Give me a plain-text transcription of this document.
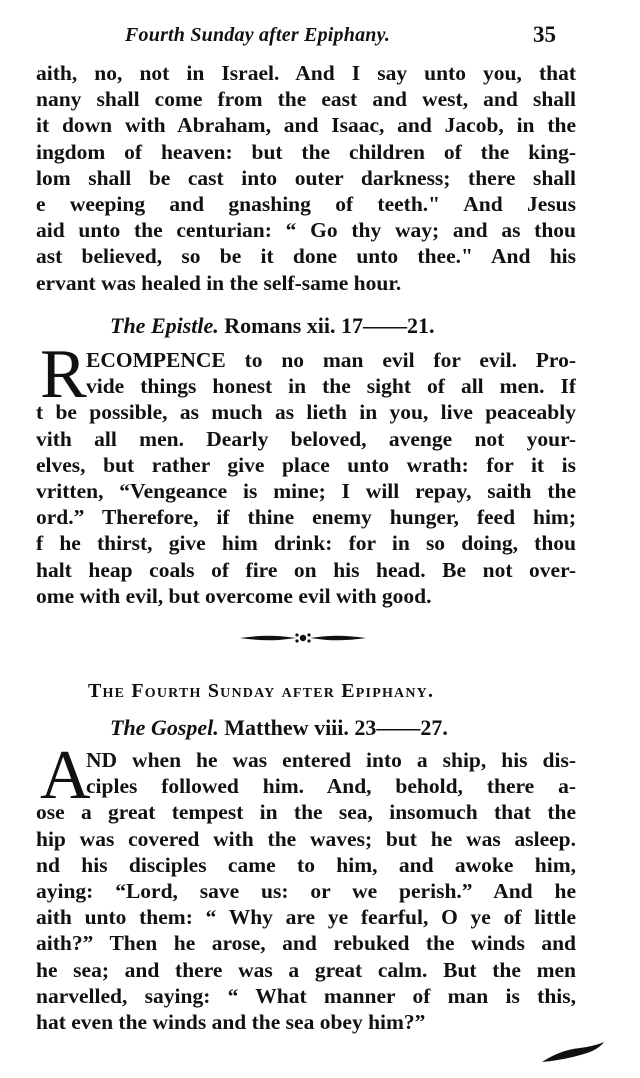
Fourth Sunday after Epiphany.	35
aith, no, not in Israel. And I say unto you, that
nany shall come from the east and west, and shall
it down with Abraham, and Isaac, and Jacob, in the
ingdom of heaven: but the children of the king-
lom shall be cast into outer darkness; there shall
e weeping and gnashing of teeth." And Jesus
aid unto the centurian: “ Go thy way; and as thou
ast believed, so be it done unto thee." And his
ervant was healed in the self-same hour.
The Epistle. Romans xii. 17——21.
R ECOMPENCE to no man evil for evil. Pro-
vide things honest in the sight of all men. If
t be possible, as much as lieth in you, live peaceably
vith all men. Dearly beloved, avenge not your-
elves, but rather give place unto wrath: for it is
vritten, “Vengeance is mine; I will repay, saith the
ord.” Therefore, if thine enemy hunger, feed him;
f he thirst, give him drink: for in so doing, thou
halt heap coals of fire on his head. Be not over-
ome with evil, but overcome evil with good.
The Fourth Sunday after Epiphany.
The Gospel. Matthew viii. 23——27.
A
ND when he was entered into a ship, his dis-
ciples followed him. And, behold, there a-
ose a great tempest in the sea, insomuch that the
hip was covered with the waves; but he was asleep.
nd his disciples came to him, and awoke him,
aying: “Lord, save us: or we perish.” And he
aith unto them: “ Why are ye fearful, O ye of little
aith?” Then he arose, and rebuked the winds and
he sea; and there was a great calm. But the men
narvelled, saying: “ What manner of man is this,
hat even the winds and the sea obey him?”
